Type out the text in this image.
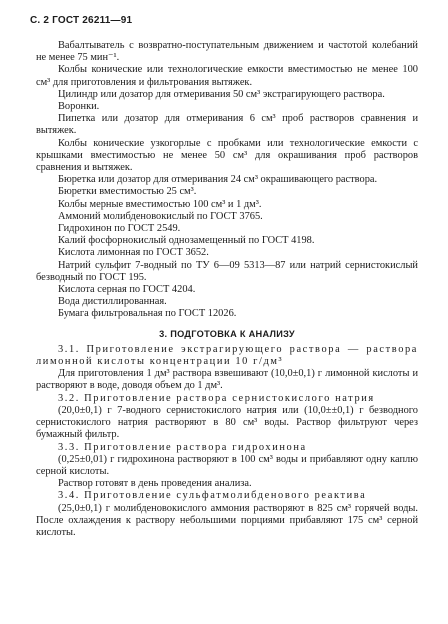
С. 2 ГОСТ 26211—91

Вабалтыватель с возвратно-поступательным движением и частотой колебаний не менее 75 мин⁻¹.

Колбы конические или технологические емкости вместимостью не менее 100 см³ для приготовления и фильтрования вытяжек.

Цилиндр или дозатор для отмеривания 50 см³ экстрагирующего раствора.

Воронки.

Пипетка или дозатор для отмеривания 6 см³ проб растворов сравнения и вытяжек.

Колбы конические узкогорлые с пробками или технологические емкости с крышками вместимостью не менее 50 см³ для окрашивания проб растворов сравнения и вытяжек.

Бюретка или дозатор для отмеривания 24 см³ окрашивающего раствора.

Бюретки вместимостью 25 см³.

Колбы мерные вместимостью 100 см³ и 1 дм³.

Аммоний молибденовокислый по ГОСТ 3765.

Гидрохинон по ГОСТ 2549.

Калий фосфорнокислый однозамещенный по ГОСТ 4198.

Кислота лимонная по ГОСТ 3652.

Натрий сульфит 7-водный по ТУ 6—09 5313—87 или натрий сернистокислый безводный по ГОСТ 195.

Кислота серная по ГОСТ 4204.

Вода дистиллированная.

Бумага фильтровальная по ГОСТ 12026.

3. ПОДГОТОВКА К АНАЛИЗУ

3.1. Приготовление экстрагирующего раствора — раствора лимонной кислоты концентрации 10 г/дм³

Для приготовления 1 дм³ раствора взвешивают (10,0±0,1) г лимонной кислоты и растворяют в воде, доводя объем до 1 дм³.

3.2. Приготовление раствора сернистокислого натрия

(20,0±0,1) г 7-водного сернистокислого натрия или (10,0±±0,1) г безводного сернистокислого натрия растворяют в 80 см³ воды. Раствор фильтруют через бумажный фильтр.

3.3. Приготовление раствора гидрохинона

(0,25±0,01) г гидрохинона растворяют в 100 см³ воды и прибавляют одну каплю серной кислоты.

Раствор готовят в день проведения анализа.

3.4. Приготовление сульфатмолибденового реактива

(25,0±0,1) г молибденовокислого аммония растворяют в 825 см³ горячей воды. После охлаждения к раствору небольшими порциями прибавляют 175 см³ серной кислоты.
